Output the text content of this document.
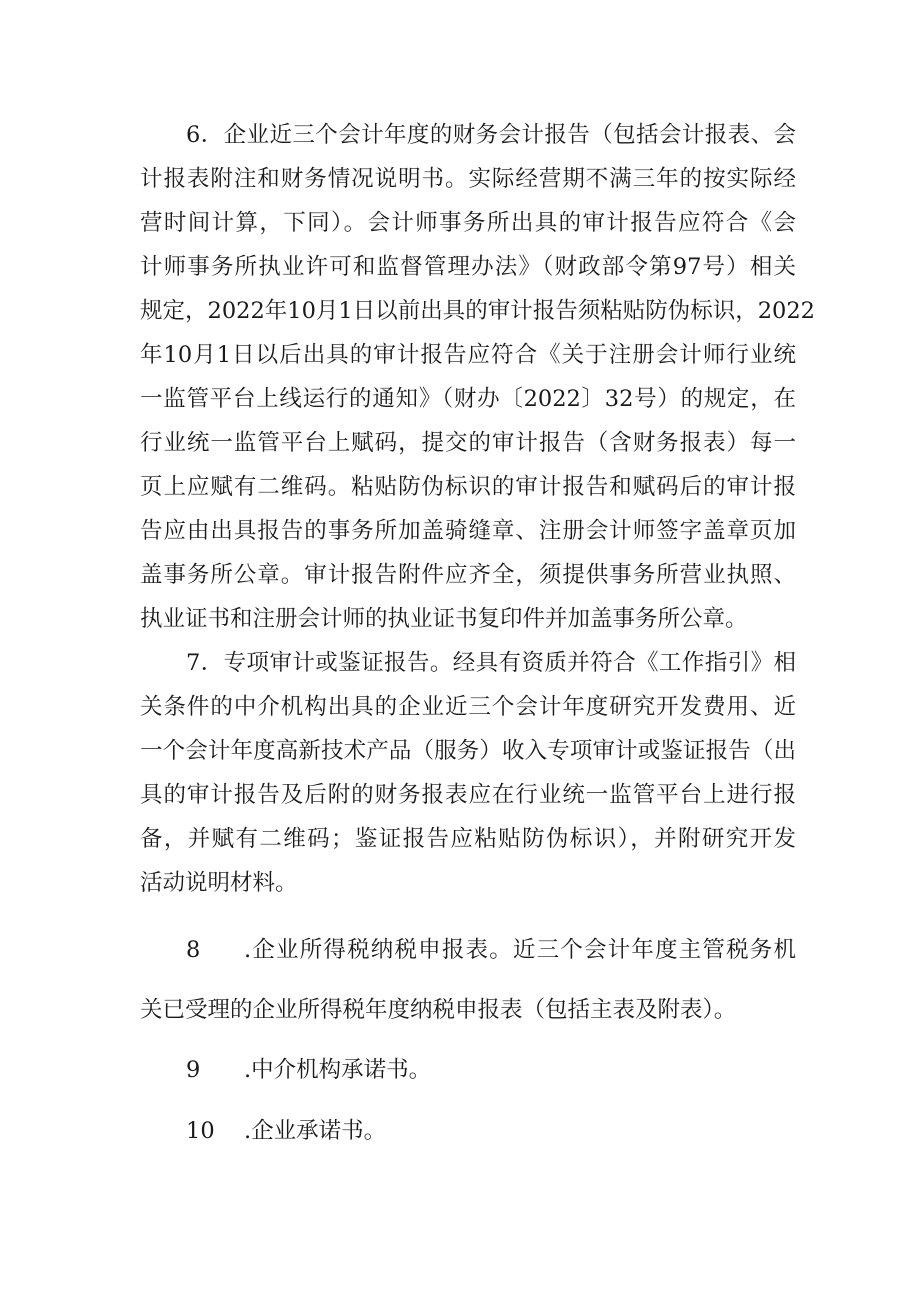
6．企业近三个会计年度的财务会计报告（包括会计报表、会

计报表附注和财务情况说明书。实际经营期不满三年的按实际经

营时间计算，下同）。会计师事务所出具的审计报告应符合《会

计师事务所执业许可和监督管理办法》（财政部令第97号）相关

规定，2022年10月1日以前出具的审计报告须粘贴防伪标识，2022

年10月1日以后出具的审计报告应符合《关于注册会计师行业统

一监管平台上线运行的通知》（财办〔2022〕32号）的规定，在

行业统一监管平台上赋码，提交的审计报告（含财务报表）每一

页上应赋有二维码。粘贴防伪标识的审计报告和赋码后的审计报

告应由出具报告的事务所加盖骑缝章、注册会计师签字盖章页加

盖事务所公章。审计报告附件应齐全，须提供事务所营业执照、

执业证书和注册会计师的执业证书复印件并加盖事务所公章。

7．专项审计或鉴证报告。经具有资质并符合《工作指引》相

关条件的中介机构出具的企业近三个会计年度研究开发费用、近

一个会计年度高新技术产品（服务）收入专项审计或鉴证报告（出

具的审计报告及后附的财务报表应在行业统一监管平台上进行报

备，并赋有二维码；鉴证报告应粘贴防伪标识），并附研究开发

活动说明材料。

8 .企业所得税纳税申报表。近三个会计年度主管税务机

关已受理的企业所得税年度纳税申报表（包括主表及附表）。

9 .中介机构承诺书。

10 .企业承诺书。
